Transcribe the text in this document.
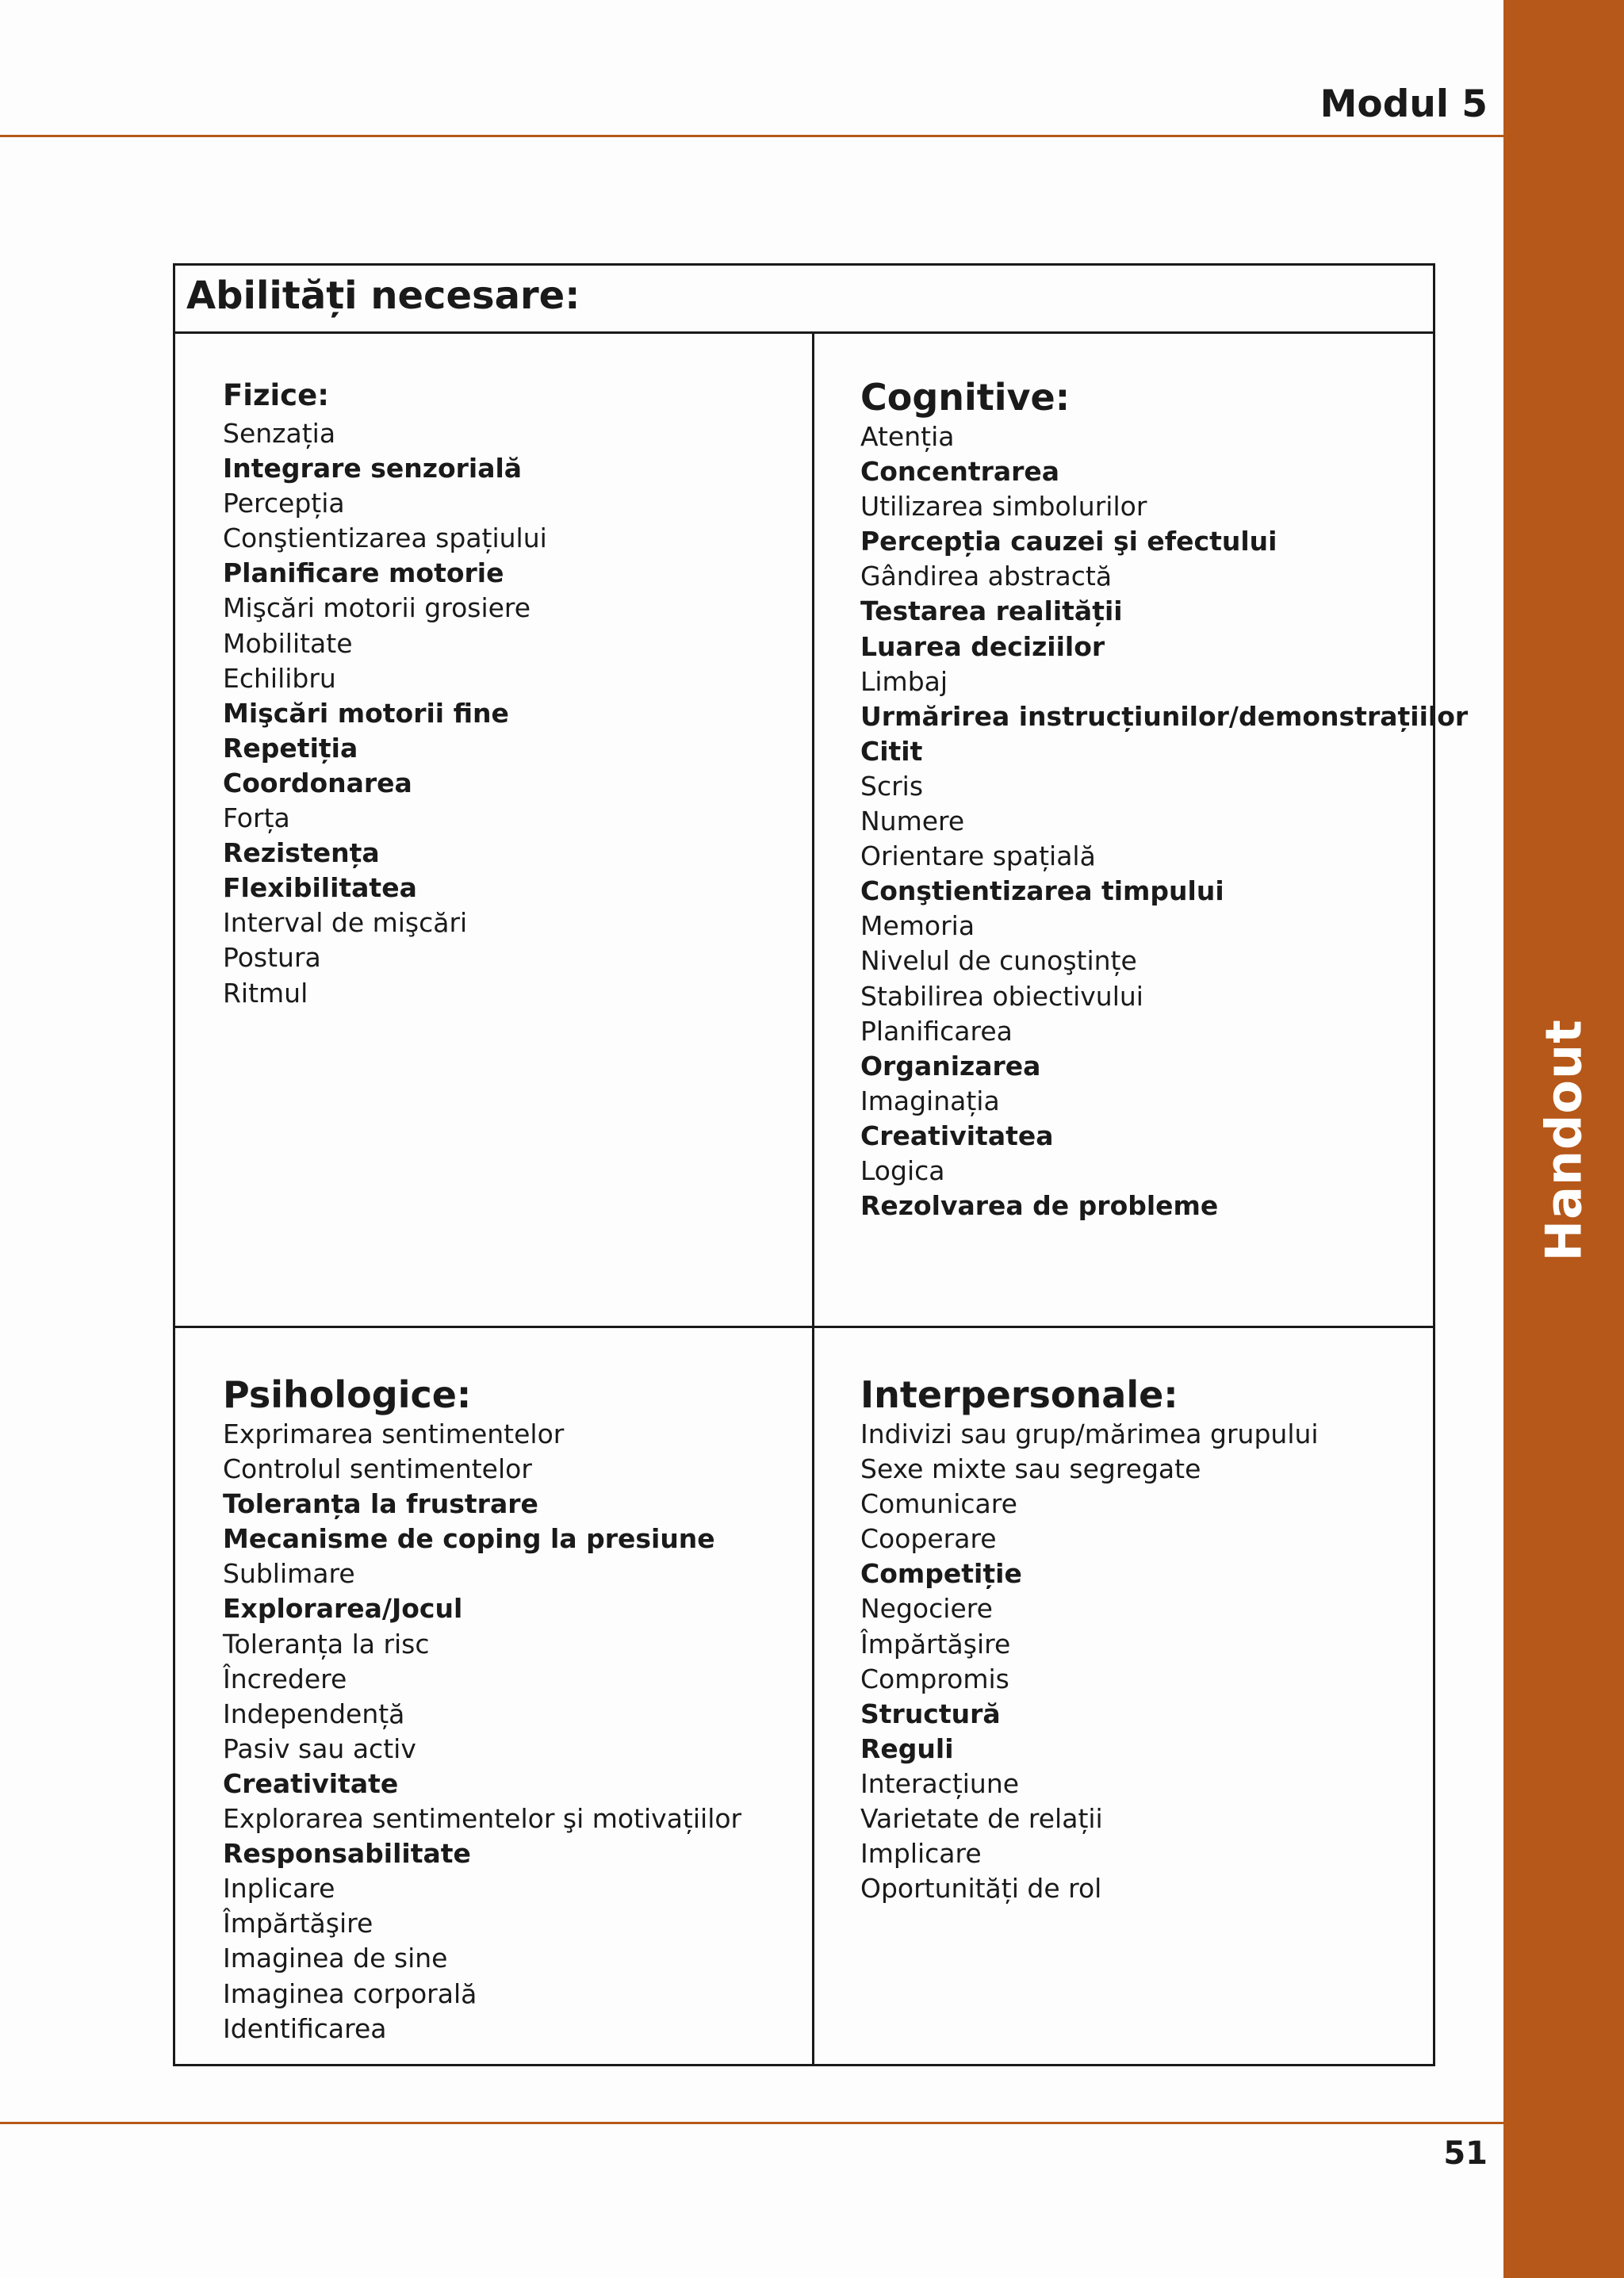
Handout
Modul 5
Abilități necesare:
Fizice:
Senzația
Integrare senzorială
Percepția
Conştientizarea spațiului
Planificare motorie
Mişcări motorii grosiere
Mobilitate
Echilibru
Mişcări motorii fine
Repetiția
Coordonarea
Forța
Rezistența
Flexibilitatea
Interval de mişcări
Postura
Ritmul
Cognitive:
Atenția
Concentrarea
Utilizarea simbolurilor
Percepția cauzei şi efectului
Gândirea abstractă
Testarea realității
Luarea deciziilor
Limbaj
Urmărirea instrucțiunilor/demonstrațiilor
Citit
Scris
Numere
Orientare spațială
Conştientizarea timpului
Memoria
Nivelul de cunoştințe
Stabilirea obiectivului
Planificarea
Organizarea
Imaginația
Creativitatea
Logica
Rezolvarea de probleme
Psihologice:
Exprimarea sentimentelor
Controlul sentimentelor
Toleranța la frustrare
Mecanisme de coping la presiune
Sublimare
Explorarea/Jocul
Toleranța la risc
Încredere
Independență
Pasiv sau activ
Creativitate
Explorarea sentimentelor şi motivațiilor
Responsabilitate
Inplicare
Împărtăşire
Imaginea de sine
Imaginea corporală
Identificarea
Interpersonale:
Indivizi sau grup/mărimea grupului
Sexe mixte sau segregate
Comunicare
Cooperare
Competiție
Negociere
Împărtăşire
Compromis
Structură
Reguli
Interacțiune
Varietate de relații
Implicare
Oportunități de rol
51
